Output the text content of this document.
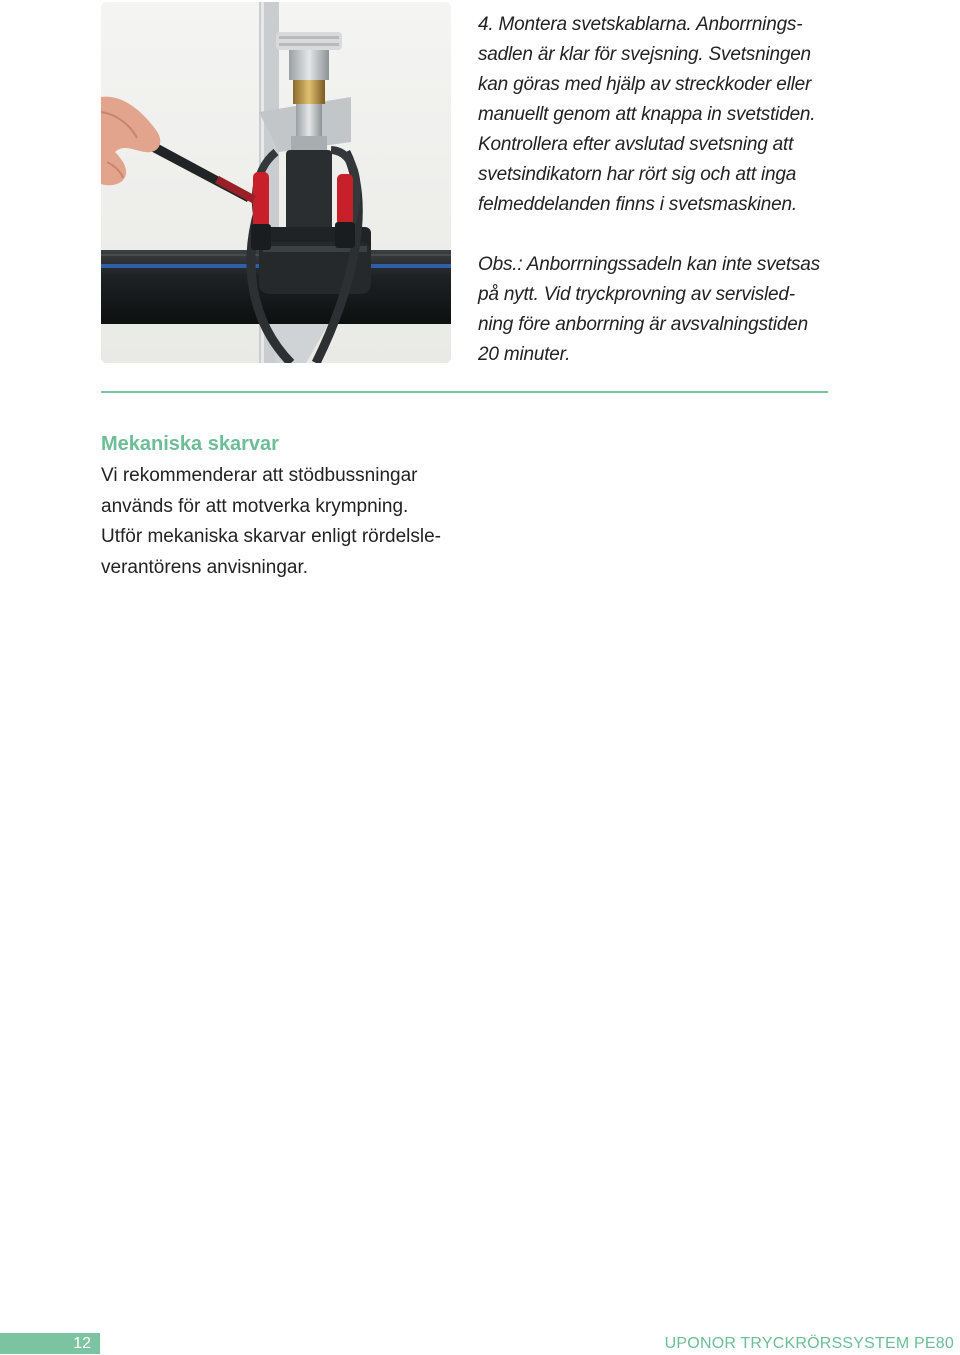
4. Montera svetskablarna. Anborrnings-

sadlen är klar för svejsning. Svetsningen

kan göras med hjälp av streckkoder eller

manuellt genom att knappa in svetstiden.

Kontrollera efter avslutad svetsning att

svetsindikatorn har rört sig och att inga

felmeddelanden finns i svetsmaskinen.

Obs.: Anborrningssadeln kan inte svetsas

på nytt. Vid tryckprovning av servisled-

ning före anborrning är avsvalningstiden

20 minuter.

Mekaniska skarvar

Vi rekommenderar att stödbussningar

används för att motverka krympning.

Utför mekaniska skarvar enligt rördelsle-

verantörens anvisningar.

12	UPONOR TRYCKRÖRSSYSTEM PE80
